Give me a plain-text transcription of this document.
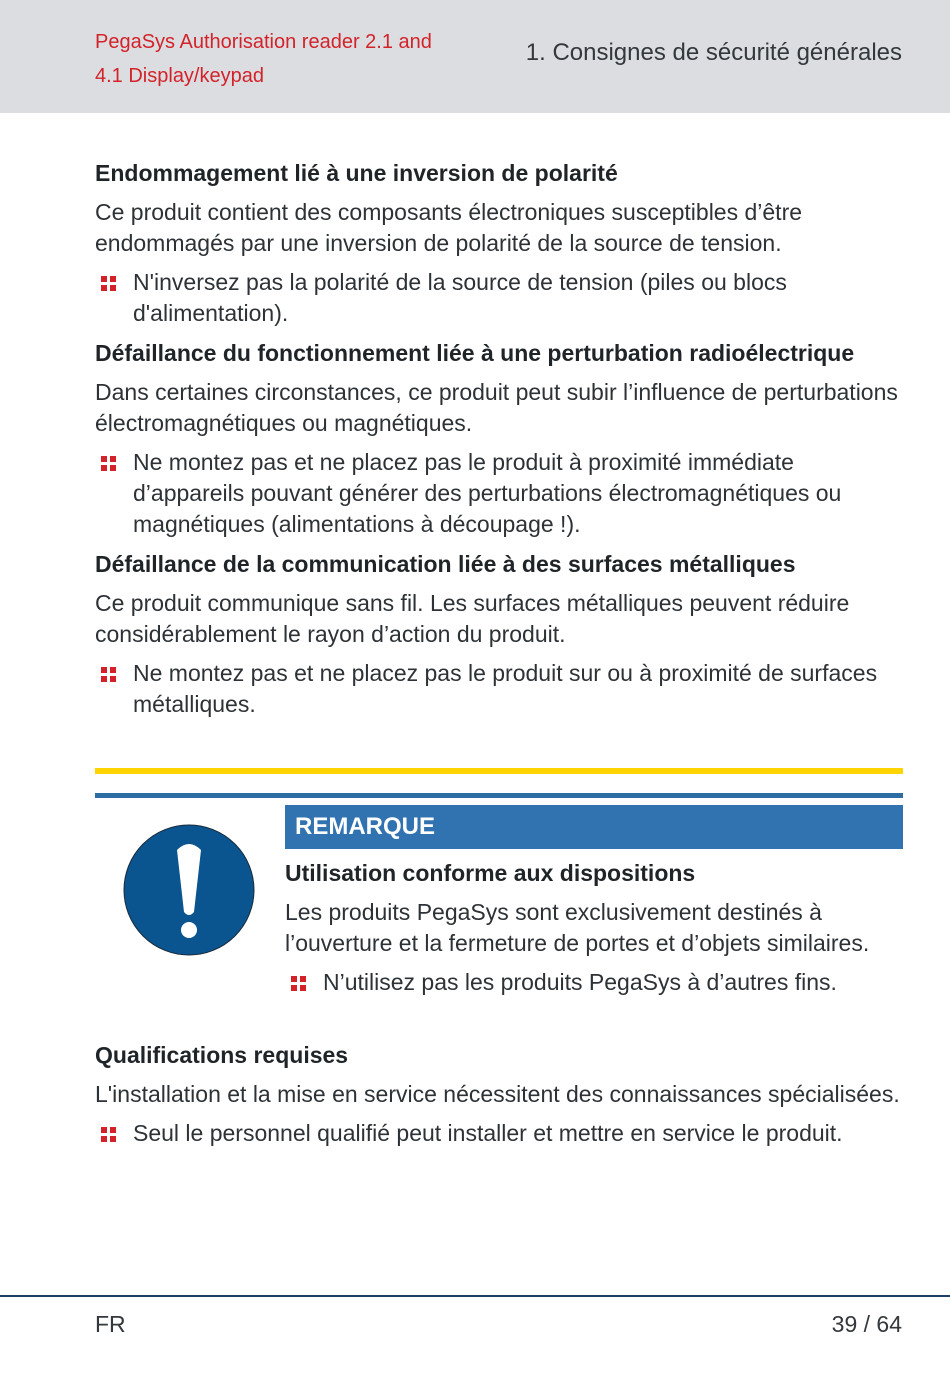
PegaSys Authorisation reader 2.1 and
4.1 Display/keypad
1. Consignes de sécurité générales
Endommagement lié à une inversion de polarité

Ce produit contient des composants électroniques susceptibles d’être endommagés par une inversion de polarité de la source de tension.

N'inversez pas la polarité de la source de tension (piles ou blocs d'alimentation).
Défaillance du fonctionnement liée à une perturbation radioélectrique

Dans certaines circonstances, ce produit peut subir l’influence de perturbations électromagnétiques ou magnétiques.

Ne montez pas et ne placez pas le produit à proximité immédiate d’appareils pouvant générer des perturbations électromagnétiques ou magnétiques (alimentations à découpage !).
Défaillance de la communication liée à des surfaces métalliques

Ce produit communique sans fil. Les surfaces métalliques peuvent réduire considérablement le rayon d’action du produit.

Ne montez pas et ne placez pas le produit sur ou à proximité de surfaces métalliques.
REMARQUE
Utilisation conforme aux dispositions

Les produits PegaSys sont exclusivement destinés à l’ouverture et la fermeture de portes et d’objets similaires.

N’utilisez pas les produits PegaSys à d’autres fins.
Qualifications requises

L'installation et la mise en service nécessitent des connaissances spécialisées.

Seul le personnel qualifié peut installer et mettre en service le produit.
FR	39 / 64
